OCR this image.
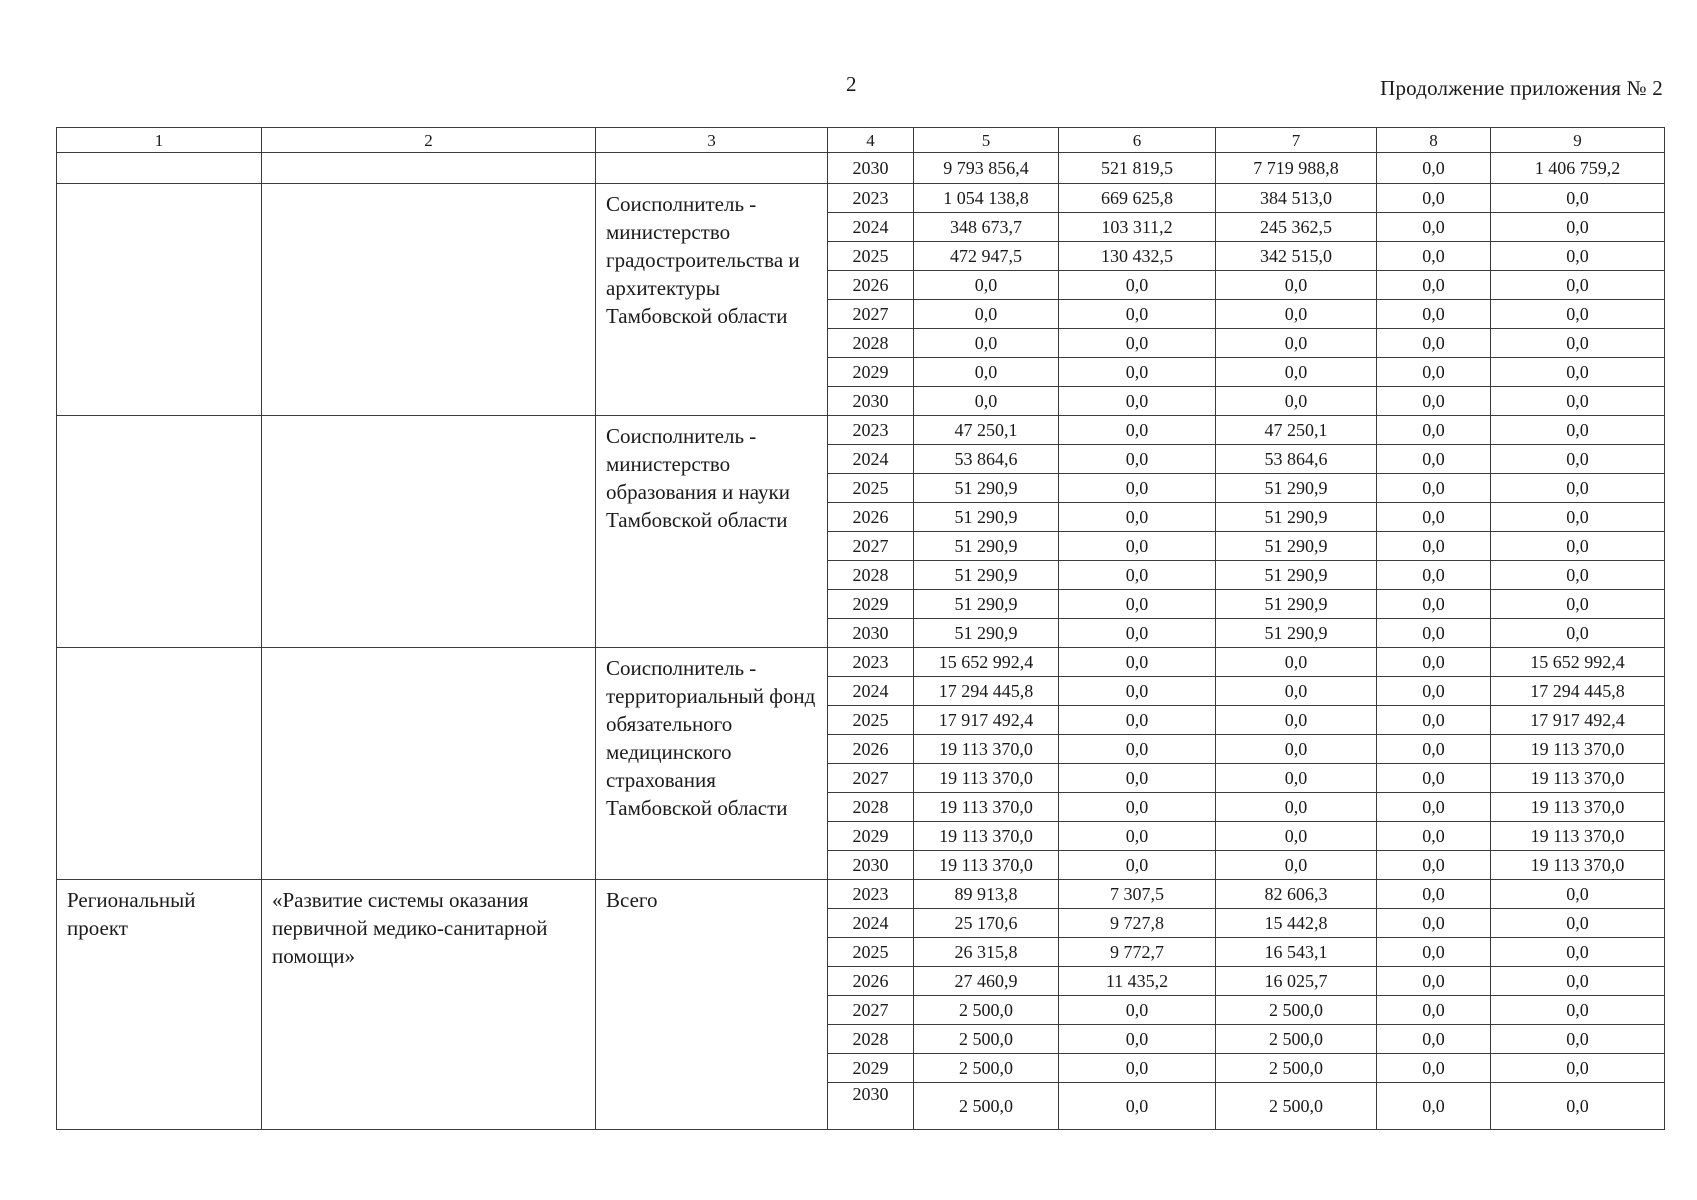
2	Продолжение приложения № 2
1	2	3	4	5	6	7	8	9
			2030	9 793 856,4	521 819,5	7 719 988,8	0,0	1 406 759,2
		Соисполнитель - министерство градостроительства и архитектуры Тамбовской области	2023	1 054 138,8	669 625,8	384 513,0	0,0	0,0
			2024	348 673,7	103 311,2	245 362,5	0,0	0,0
			2025	472 947,5	130 432,5	342 515,0	0,0	0,0
			2026	0,0	0,0	0,0	0,0	0,0
			2027	0,0	0,0	0,0	0,0	0,0
			2028	0,0	0,0	0,0	0,0	0,0
			2029	0,0	0,0	0,0	0,0	0,0
			2030	0,0	0,0	0,0	0,0	0,0
		Соисполнитель - министерство образования и науки Тамбовской области	2023	47 250,1	0,0	47 250,1	0,0	0,0
			2024	53 864,6	0,0	53 864,6	0,0	0,0
			2025	51 290,9	0,0	51 290,9	0,0	0,0
			2026	51 290,9	0,0	51 290,9	0,0	0,0
			2027	51 290,9	0,0	51 290,9	0,0	0,0
			2028	51 290,9	0,0	51 290,9	0,0	0,0
			2029	51 290,9	0,0	51 290,9	0,0	0,0
			2030	51 290,9	0,0	51 290,9	0,0	0,0
		Соисполнитель - территориальный фонд обязательного медицинского страхования Тамбовской области	2023	15 652 992,4	0,0	0,0	0,0	15 652 992,4
			2024	17 294 445,8	0,0	0,0	0,0	17 294 445,8
			2025	17 917 492,4	0,0	0,0	0,0	17 917 492,4
			2026	19 113 370,0	0,0	0,0	0,0	19 113 370,0
			2027	19 113 370,0	0,0	0,0	0,0	19 113 370,0
			2028	19 113 370,0	0,0	0,0	0,0	19 113 370,0
			2029	19 113 370,0	0,0	0,0	0,0	19 113 370,0
			2030	19 113 370,0	0,0	0,0	0,0	19 113 370,0
Региональный проект	«Развитие системы оказания первичной медико-санитарной помощи»	Всего	2023	89 913,8	7 307,5	82 606,3	0,0	0,0
			2024	25 170,6	9 727,8	15 442,8	0,0	0,0
			2025	26 315,8	9 772,7	16 543,1	0,0	0,0
			2026	27 460,9	11 435,2	16 025,7	0,0	0,0
			2027	2 500,0	0,0	2 500,0	0,0	0,0
			2028	2 500,0	0,0	2 500,0	0,0	0,0
			2029	2 500,0	0,0	2 500,0	0,0	0,0
			2030	2 500,0	0,0	2 500,0	0,0	0,0
